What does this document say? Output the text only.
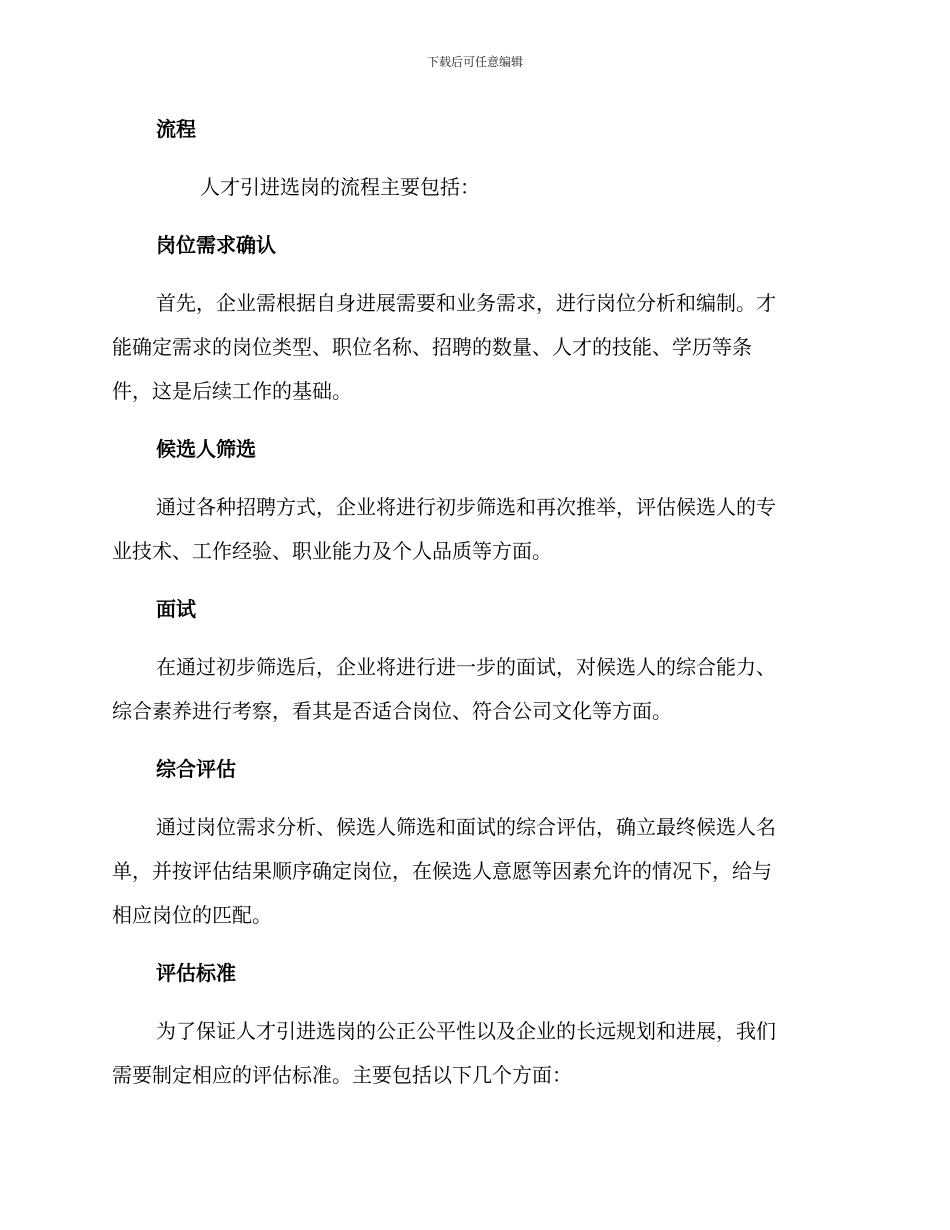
下载后可任意编辑
流程

人才引进选岗的流程主要包括：

岗位需求确认

首先，企业需根据自身进展需要和业务需求，进行岗位分析和编制。才
能确定需求的岗位类型、职位名称、招聘的数量、人才的技能、学历等条
件，这是后续工作的基础。

候选人筛选

通过各种招聘方式，企业将进行初步筛选和再次推举，评估候选人的专
业技术、工作经验、职业能力及个人品质等方面。

面试

在通过初步筛选后，企业将进行进一步的面试，对候选人的综合能力、
综合素养进行考察，看其是否适合岗位、符合公司文化等方面。

综合评估

通过岗位需求分析、候选人筛选和面试的综合评估，确立最终候选人名
单，并按评估结果顺序确定岗位，在候选人意愿等因素允许的情况下，给与
相应岗位的匹配。

评估标准

为了保证人才引进选岗的公正公平性以及企业的长远规划和进展，我们
需要制定相应的评估标准。主要包括以下几个方面：
